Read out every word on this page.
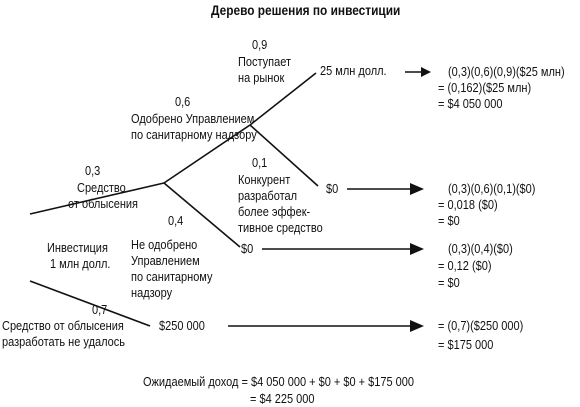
Дерево решения по инвестиции
0,9
Поступает
на рынок	25 млн долл.	(0,3)(0,6)(0,9)($25 млн)
= (0,162)($25 млн)
= $4 050 000
0,6
Одобрено Управлением
по санитарному надзору
0,3
Средство
от облысения
0,1
Конкурент
разработал
более эффек-
тивное средство
$0	(0,3)(0,6)(0,1)($0)
= 0,018 ($0)
= $0
Инвестиция
1 млн долл.
0,4
Не одобрено
Управлением
по санитарному
надзору
$0	(0,3)(0,4)($0)
= 0,12 ($0)
= $0
0,7
Средство от облысения
разработать не удалось
$250 000	= (0,7)($250 000)
= $175 000
Ожидаемый доход = $4 050 000 + $0 + $0 + $175 000
= $4 225 000
